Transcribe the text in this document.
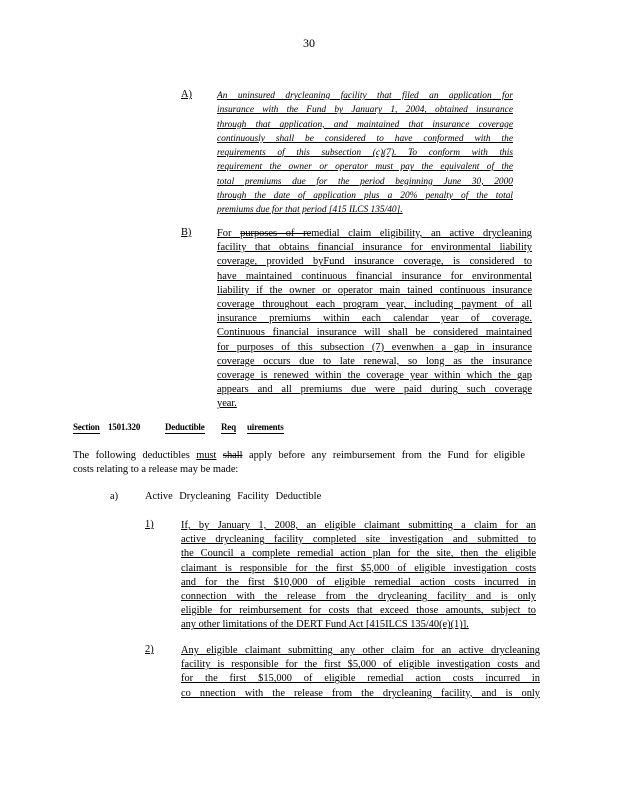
30
A)	An uninsured drycleaning facility that filed an application for
insurance with the Fund by January 1, 2004, obtained insurance
through that application, and maintained that insurance coverage
continuously shall be considered to have conformed with the
requirements of this subsection (c)(7). To conform with this
requirement the owner or operator must pay the equivalent of the
total premiums due for the period beginning June 30, 2000
through the date of application plus a 20% penalty of the total
premiums due for that period [415 ILCS 135/40].
B) For purposes of remedial claim eligibility, an active drycleaning
facility that obtains financial insurance for environmental liability
coverage, provided byFund insurance coverage, is considered to
have maintained continuous financial insurance for environmental
liability if the owner or operator main tained continuous insurance
coverage throughout each program year, including payment of all
insurance premiums within each calendar year of coverage.
Continuous financial insurance will shall be considered maintained
for purposes of this subsection (7) evenwhen a gap in insurance
coverage occurs due to late renewal, so long as the insurance
coverage is renewed within the coverage year within which the gap
appears and all premiums due were paid during such coverage
year.
Section 1501.320	Deductible Req uirements
The following deductibles must shall apply before any reimbursement from the Fund for eligible
costs relating to a release may be made:
a)	Active Drycleaning Facility Deductible
1)	If, by January 1, 2008, an eligible claimant submitting a claim for an
active drycleaning facility completed site investigation and submitted to
the Council a complete remedial action plan for the site, then the eligible
claimant is responsible for the first $5,000 of eligible investigation costs
and for the first $10,000 of eligible remedial action costs incurred in
connection with the release from the drycleaning facility and is only
eligible for reimbursement for costs that exceed those amounts, subject to
any other limitations of the DERT Fund Act [415ILCS 135/40(e)(1)].
2)	Any eligible claimant submitting any other claim for an active drycleaning
facility is responsible for the first $5,000 of eligible investigation costs and
for the first $15,000 of eligible remedial action costs incurred in
co nnection with the release from the drycleaning facility, and is only
